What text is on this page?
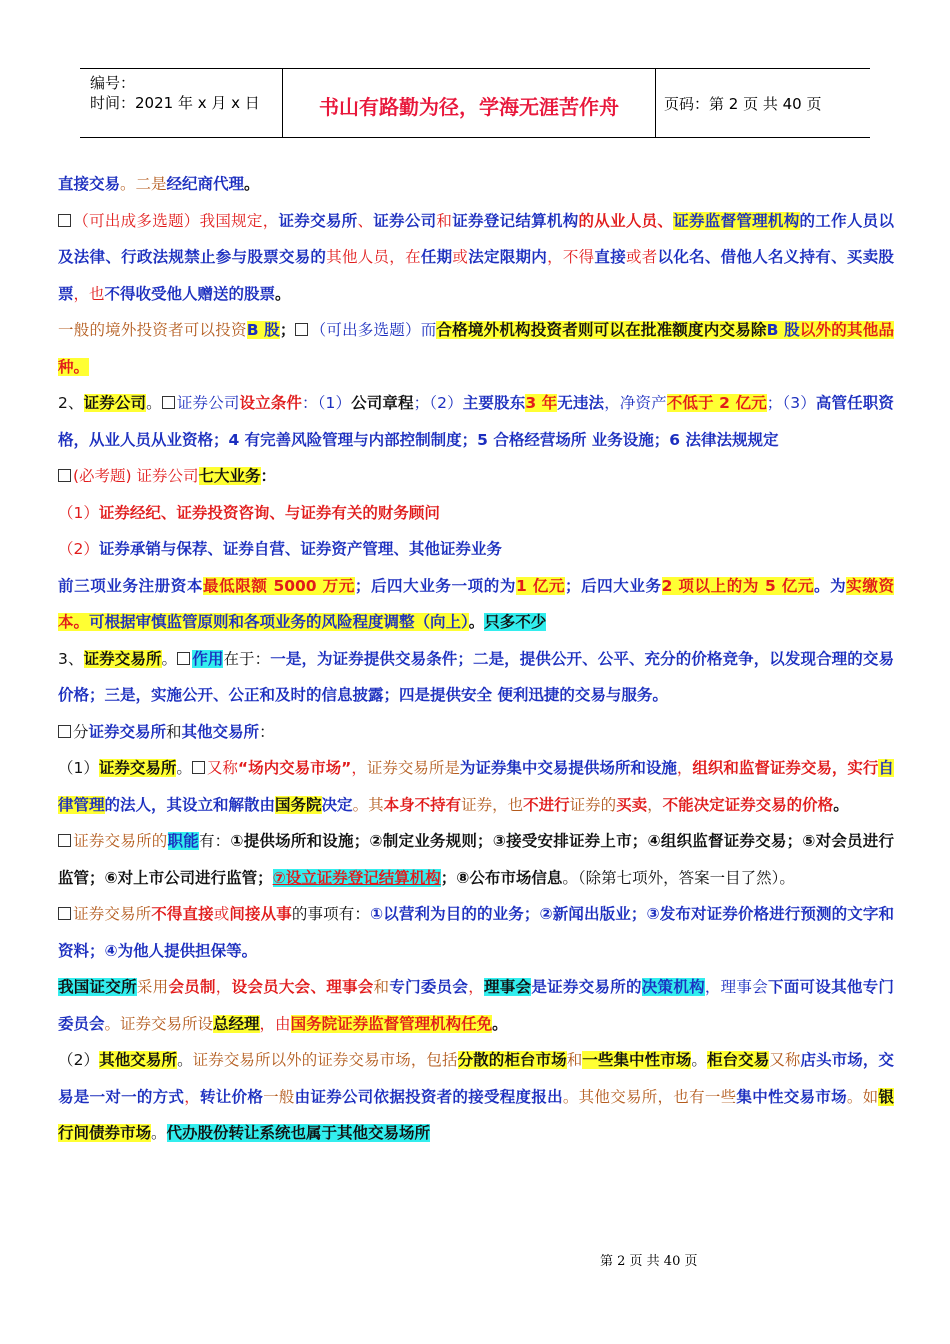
编号：
时间：2021 年 x 月 x 日	书山有路勤为径，学海无涯苦作舟	页码：第 2 页 共 40 页

直接交易。二是经纪商代理。

（可出成多选题）我国规定，证券交易所、证券公司和证券登记结算机构的从业人员、证券监督管理机构的工作人员以及法律、行政法规禁止参与股票交易的其他人员，在任期或法定限期内，不得直接或者以化名、借他人名义持有、买卖股票，也不得收受他人赠送的股票。

一般的境外投资者可以投资B 股； （可出多选题）而合格境外机构投资者则可以在批准额度内交易除B 股以外的其他品种。

2、证券公司。 证券公司设立条件：（1）公司章程；（2）主要股东3 年无违法，净资产不低于 2 亿元；（3）高管任职资格，从业人员从业资格；4 有完善风险管理与内部控制制度；5 合格经营场所 业务设施；6 法律法规规定

(必考题) 证券公司七大业务：

（1）证券经纪、证券投资咨询、与证券有关的财务顾问

（2）证券承销与保荐、证券自营、证券资产管理、其他证券业务

前三项业务注册资本最低限额 5000 万元；后四大业务一项的为1 亿元；后四大业务2 项以上的为 5 亿元。为实缴资本。可根据审慎监管原则和各项业务的风险程度调整（向上）。只多不少

3、证券交易所。 作用在于：一是，为证券提供交易条件；二是，提供公开、公平、充分的价格竞争，以发现合理的交易价格；三是，实施公开、公正和及时的信息披露；四是提供安全 便利迅捷的交易与服务。

分证券交易所和其他交易所：

（1）证券交易所。 又称“场内交易市场”，证券交易所是为证券集中交易提供场所和设施，组织和监督证券交易，实行自律管理的法人，其设立和解散由国务院决定。其本身不持有证券，也不进行证券的买卖，不能决定证券交易的价格。

证券交易所的职能有：①提供场所和设施；②制定业务规则；③接受安排证券上市；④组织监督证券交易；⑤对会员进行监管；⑥对上市公司进行监管；⑦设立证券登记结算机构；⑧公布市场信息。（除第七项外，答案一目了然）。

证券交易所不得直接或间接从事的事项有：①以营利为目的的业务；②新闻出版业；③发布对证券价格进行预测的文字和资料；④为他人提供担保等。

我国证交所采用会员制，设会员大会、理事会和专门委员会，理事会是证券交易所的决策机构，理事会下面可设其他专门委员会。证券交易所设总经理，由国务院证券监督管理机构任免。

（2）其他交易所。证券交易所以外的证券交易市场，包括分散的柜台市场和一些集中性市场。柜台交易又称店头市场，交易是一对一的方式，转让价格一般由证券公司依据投资者的接受程度报出。其他交易所，也有一些集中性交易市场。如银行间债券市场。代办股份转让系统也属于其他交易场所

第 2 页 共 40 页
